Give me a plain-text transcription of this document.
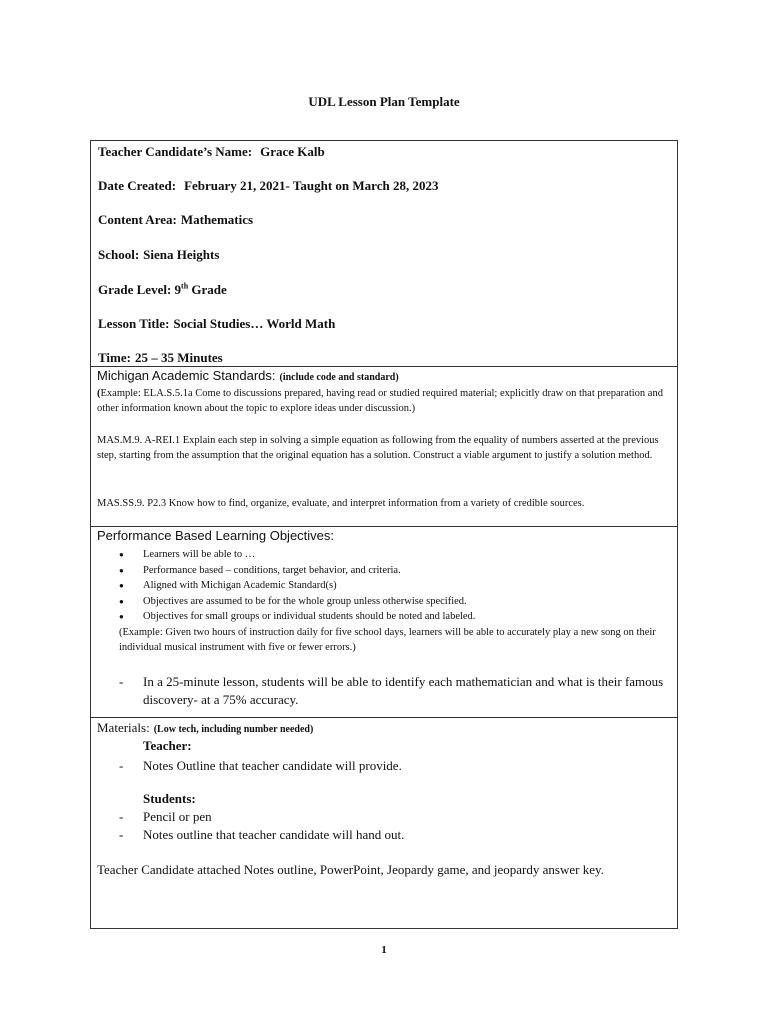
UDL Lesson Plan Template
Teacher Candidate’s Name: Grace Kalb
Date Created: February 21, 2021- Taught on March 28, 2023
Content Area: Mathematics
School: Siena Heights
Grade Level: 9th Grade
Lesson Title: Social Studies… World Math
Time: 25 – 35 Minutes
Michigan Academic Standards: (include code and standard)
(Example: ELA.S.5.1a Come to discussions prepared, having read or studied required material; explicitly draw on that preparation and other information known about the topic to explore ideas under discussion.)
MAS.M.9. A-REI.1 Explain each step in solving a simple equation as following from the equality of numbers asserted at the previous step, starting from the assumption that the original equation has a solution. Construct a viable argument to justify a solution method.
MAS.SS.9. P2.3 Know how to find, organize, evaluate, and interpret information from a variety of credible sources.
Performance Based Learning Objectives:
● Learners will be able to …
● Performance based – conditions, target behavior, and criteria.
● Aligned with Michigan Academic Standard(s)
● Objectives are assumed to be for the whole group unless otherwise specified.
● Objectives for small groups or individual students should be noted and labeled.
(Example: Given two hours of instruction daily for five school days, learners will be able to accurately play a new song on their individual musical instrument with five or fewer errors.)
- In a 25-minute lesson, students will be able to identify each mathematician and what is their famous discovery- at a 75% accuracy.
Materials: (Low tech, including number needed)
Teacher:
- Notes Outline that teacher candidate will provide.
Students:
- Pencil or pen
- Notes outline that teacher candidate will hand out.
Teacher Candidate attached Notes outline, PowerPoint, Jeopardy game, and jeopardy answer key.
1
